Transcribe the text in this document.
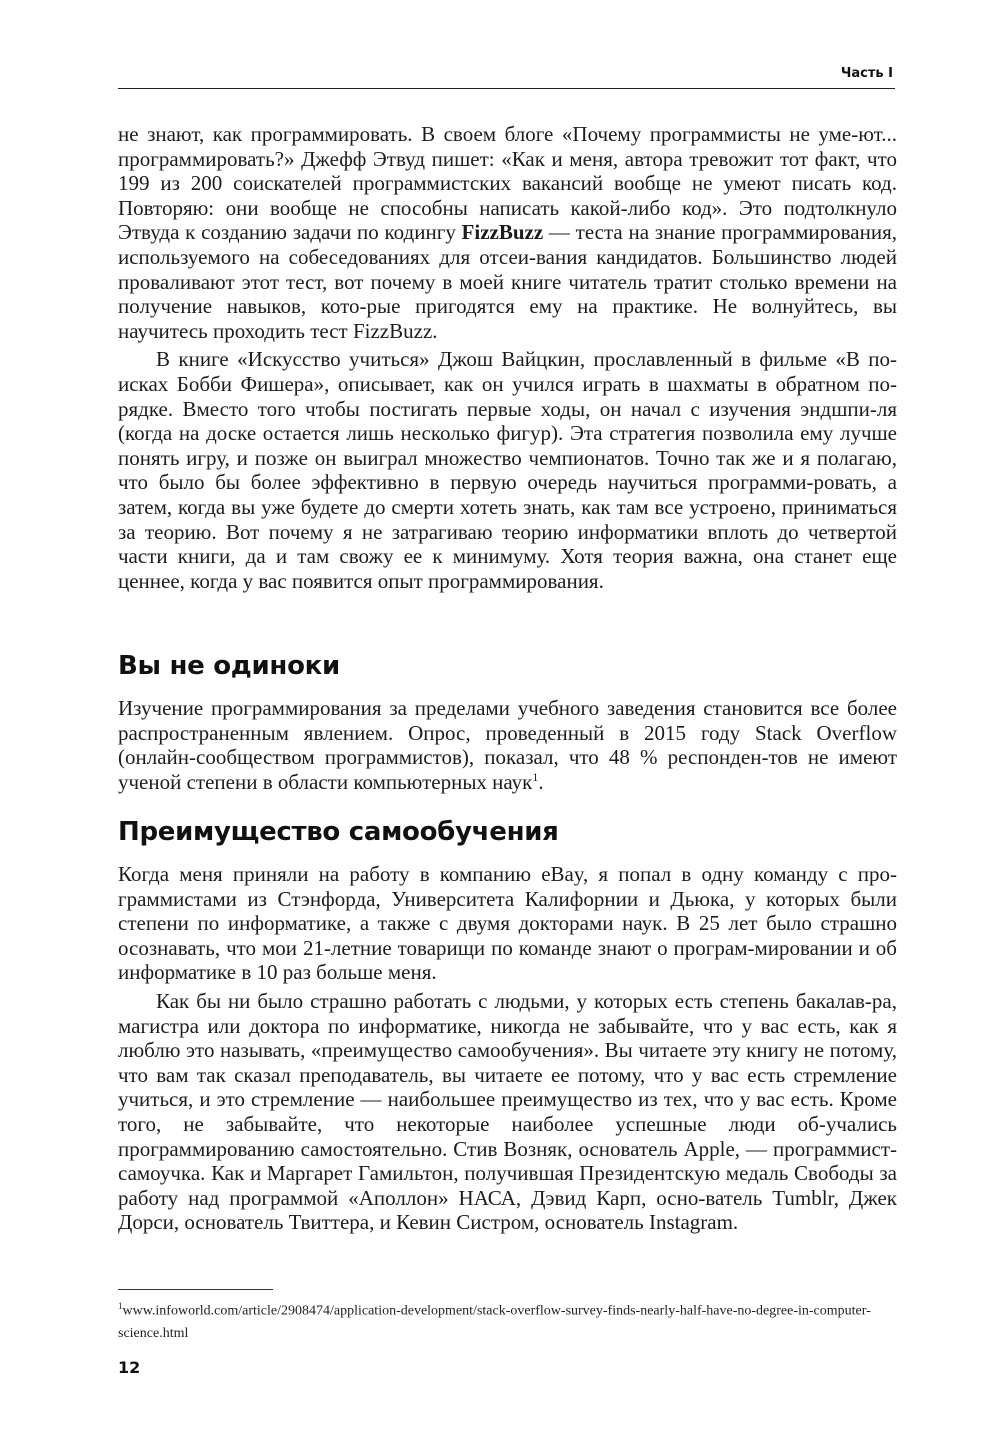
Часть I

не знают, как программировать. В своем блоге «Почему программисты не уме-ют... программировать?» Джефф Этвуд пишет: «Как и меня, автора тревожит тот факт, что 199 из 200 соискателей программистских вакансий вообще не умеют писать код. Повторяю: они вообще не способны написать какой-либо код». Это подтолкнуло Этвуда к созданию задачи по кодингу FizzBuzz — теста на знание программирования, используемого на собеседованиях для отсеи-вания кандидатов. Большинство людей проваливают этот тест, вот почему в моей книге читатель тратит столько времени на получение навыков, кото-рые пригодятся ему на практике. Не волнуйтесь, вы научитесь проходить тест FizzBuzz.

В книге «Искусство учиться» Джош Вайцкин, прославленный в фильме «В по-исках Бобби Фишера», описывает, как он учился играть в шахматы в обратном по-рядке. Вместо того чтобы постигать первые ходы, он начал с изучения эндшпи-ля (когда на доске остается лишь несколько фигур). Эта стратегия позволила ему лучше понять игру, и позже он выиграл множество чемпионатов. Точно так же и я полагаю, что было бы более эффективно в первую очередь научиться программи-ровать, а затем, когда вы уже будете до смерти хотеть знать, как там все устроено, приниматься за теорию. Вот почему я не затрагиваю теорию информатики вплоть до четвертой части книги, да и там свожу ее к минимуму. Хотя теория важна, она станет еще ценнее, когда у вас появится опыт программирования.

Вы не одиноки

Изучение программирования за пределами учебного заведения становится все более распространенным явлением. Опрос, проведенный в 2015 году Stack Overflow (онлайн-сообществом программистов), показал, что 48 % респонден-тов не имеют ученой степени в области компьютерных наук$^1$.

Преимущество самообучения

Когда меня приняли на работу в компанию eBay, я попал в одну команду с про-граммистами из Стэнфорда, Университета Калифорнии и Дьюка, у которых были степени по информатике, а также с двумя докторами наук. В 25 лет было страшно осознавать, что мои 21-летние товарищи по команде знают о програм-мировании и об информатике в 10 раз больше меня.

Как бы ни было страшно работать с людьми, у которых есть степень бакалав-ра, магистра или доктора по информатике, никогда не забывайте, что у вас есть, как я люблю это называть, «преимущество самообучения». Вы читаете эту книгу не потому, что вам так сказал преподаватель, вы читаете ее потому, что у вас есть стремление учиться, и это стремление — наибольшее преимущество из тех, что у вас есть. Кроме того, не забывайте, что некоторые наиболее успешные люди об-учались программированию самостоятельно. Стив Возняк, основатель Apple, — программист-самоучка. Как и Маргарет Гамильтон, получившая Президентскую медаль Свободы за работу над программой «Аполлон» НАСА, Дэвид Карп, осно-ватель Tumblr, Джек Дорси, основатель Твиттера, и Кевин Систром, основатель Instagram.

$^1$www.infoworld.com/article/2908474/application-development/stack-overflow-survey-finds-nearly-half-have-no-degree-in-computer-science.html

12
